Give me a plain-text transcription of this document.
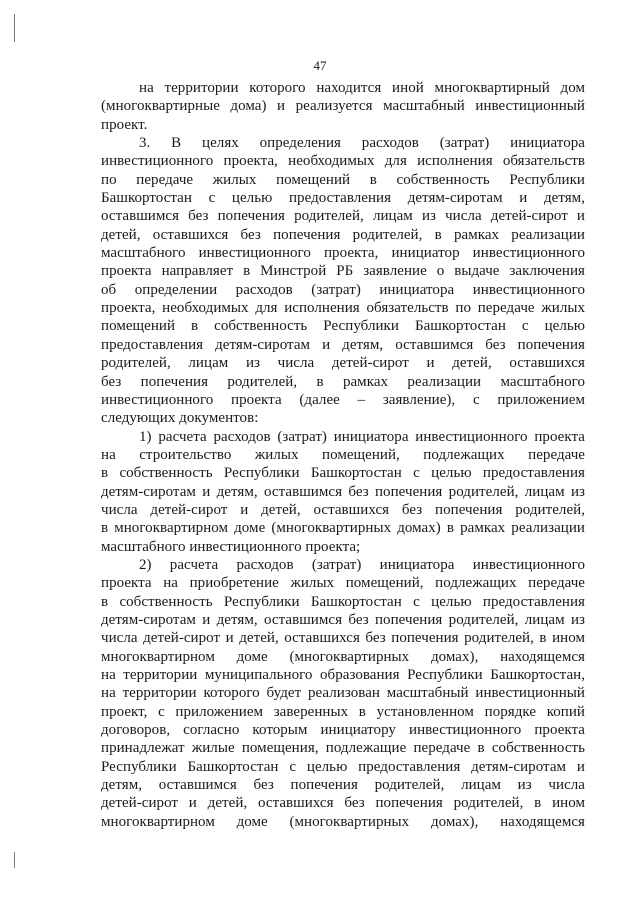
47
на территории которого находится иной многоквартирный дом
(многоквартирные дома) и реализуется масштабный инвестиционный
проект.
3. В целях определения расходов (затрат) инициатора
инвестиционного проекта, необходимых для исполнения обязательств
по передаче жилых помещений в собственность Республики
Башкортостан с целью предоставления детям-сиротам и детям,
оставшимся без попечения родителей, лицам из числа детей-сирот и
детей, оставшихся без попечения родителей, в рамках реализации
масштабного инвестиционного проекта, инициатор инвестиционного
проекта направляет в Минстрой РБ заявление о выдаче заключения
об определении расходов (затрат) инициатора инвестиционного
проекта, необходимых для исполнения обязательств по передаче жилых
помещений в собственность Республики Башкортостан с целью
предоставления детям-сиротам и детям, оставшимся без попечения
родителей, лицам из числа детей-сирот и детей, оставшихся
без попечения родителей, в рамках реализации масштабного
инвестиционного проекта (далее – заявление), с приложением
следующих документов:
1) расчета расходов (затрат) инициатора инвестиционного проекта
на строительство жилых помещений, подлежащих передаче
в собственность Республики Башкортостан с целью предоставления
детям-сиротам и детям, оставшимся без попечения родителей, лицам из
числа детей-сирот и детей, оставшихся без попечения родителей,
в многоквартирном доме (многоквартирных домах) в рамках реализации
масштабного инвестиционного проекта;
2) расчета расходов (затрат) инициатора инвестиционного
проекта на приобретение жилых помещений, подлежащих передаче
в собственность Республики Башкортостан с целью предоставления
детям-сиротам и детям, оставшимся без попечения родителей, лицам из
числа детей-сирот и детей, оставшихся без попечения родителей, в ином
многоквартирном доме (многоквартирных домах), находящемся
на территории муниципального образования Республики Башкортостан,
на территории которого будет реализован масштабный инвестиционный
проект, с приложением заверенных в установленном порядке копий
договоров, согласно которым инициатору инвестиционного проекта
принадлежат жилые помещения, подлежащие передаче в собственность
Республики Башкортостан с целью предоставления детям-сиротам и
детям, оставшимся без попечения родителей, лицам из числа
детей-сирот и детей, оставшихся без попечения родителей, в ином
многоквартирном доме (многоквартирных домах), находящемся
